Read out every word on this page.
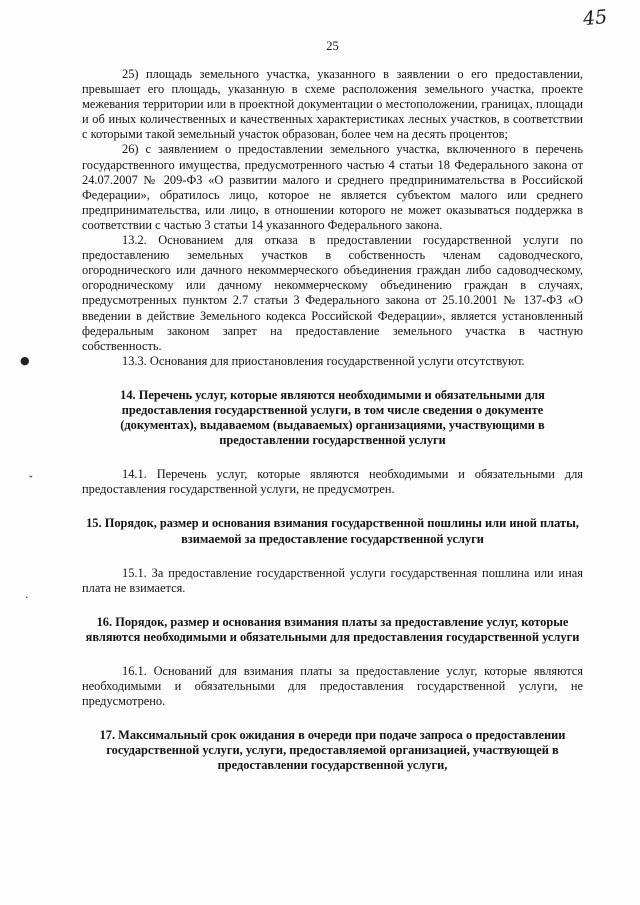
45
●
ˇ
·
25

25) площадь земельного участка, указанного в заявлении о его предоставлении, превышает его площадь, указанную в схеме расположения земельного участка, проекте межевания территории или в проектной документации о местоположении, границах, площади и об иных количественных и качественных характеристиках лесных участков, в соответствии с которыми такой земельный участок образован, более чем на десять процентов;

26) с заявлением о предоставлении земельного участка, включенного в перечень государственного имущества, предусмотренного частью 4 статьи 18 Федерального закона от 24.07.2007 № 209-ФЗ «О развитии малого и среднего предпринимательства в Российской Федерации», обратилось лицо, которое не является субъектом малого или среднего предпринимательства, или лицо, в отношении которого не может оказываться поддержка в соответствии с частью 3 статьи 14 указанного Федерального закона.

13.2. Основанием для отказа в предоставлении государственной услуги по предоставлению земельных участков в собственность членам садоводческого, огороднического или дачного некоммерческого объединения граждан либо садоводческому, огородническому или дачному некоммерческому объединению граждан в случаях, предусмотренных пунктом 2.7 статьи 3 Федерального закона от 25.10.2001 № 137-ФЗ «О введении в действие Земельного кодекса Российской Федерации», является установленный федеральным законом запрет на предоставление земельного участка в частную собственность.

13.3. Основания для приостановления государственной услуги отсутствуют.

14. Перечень услуг, которые являются необходимыми и обязательными для предоставления государственной услуги, в том числе сведения о документе (документах), выдаваемом (выдаваемых) организациями, участвующими в предоставлении государственной услуги

14.1. Перечень услуг, которые являются необходимыми и обязательными для предоставления государственной услуги, не предусмотрен.

15. Порядок, размер и основания взимания государственной пошлины или иной платы, взимаемой за предоставление государственной услуги

15.1. За предоставление государственной услуги государственная пошлина или иная плата не взимается.

16. Порядок, размер и основания взимания платы за предоставление услуг, которые являются необходимыми и обязательными для предоставления государственной услуги

16.1. Оснований для взимания платы за предоставление услуг, которые являются необходимыми и обязательными для предоставления государственной услуги, не предусмотрено.

17. Максимальный срок ожидания в очереди при подаче запроса о предоставлении государственной услуги, услуги, предоставляемой организацией, участвующей в предоставлении государственной услуги,
